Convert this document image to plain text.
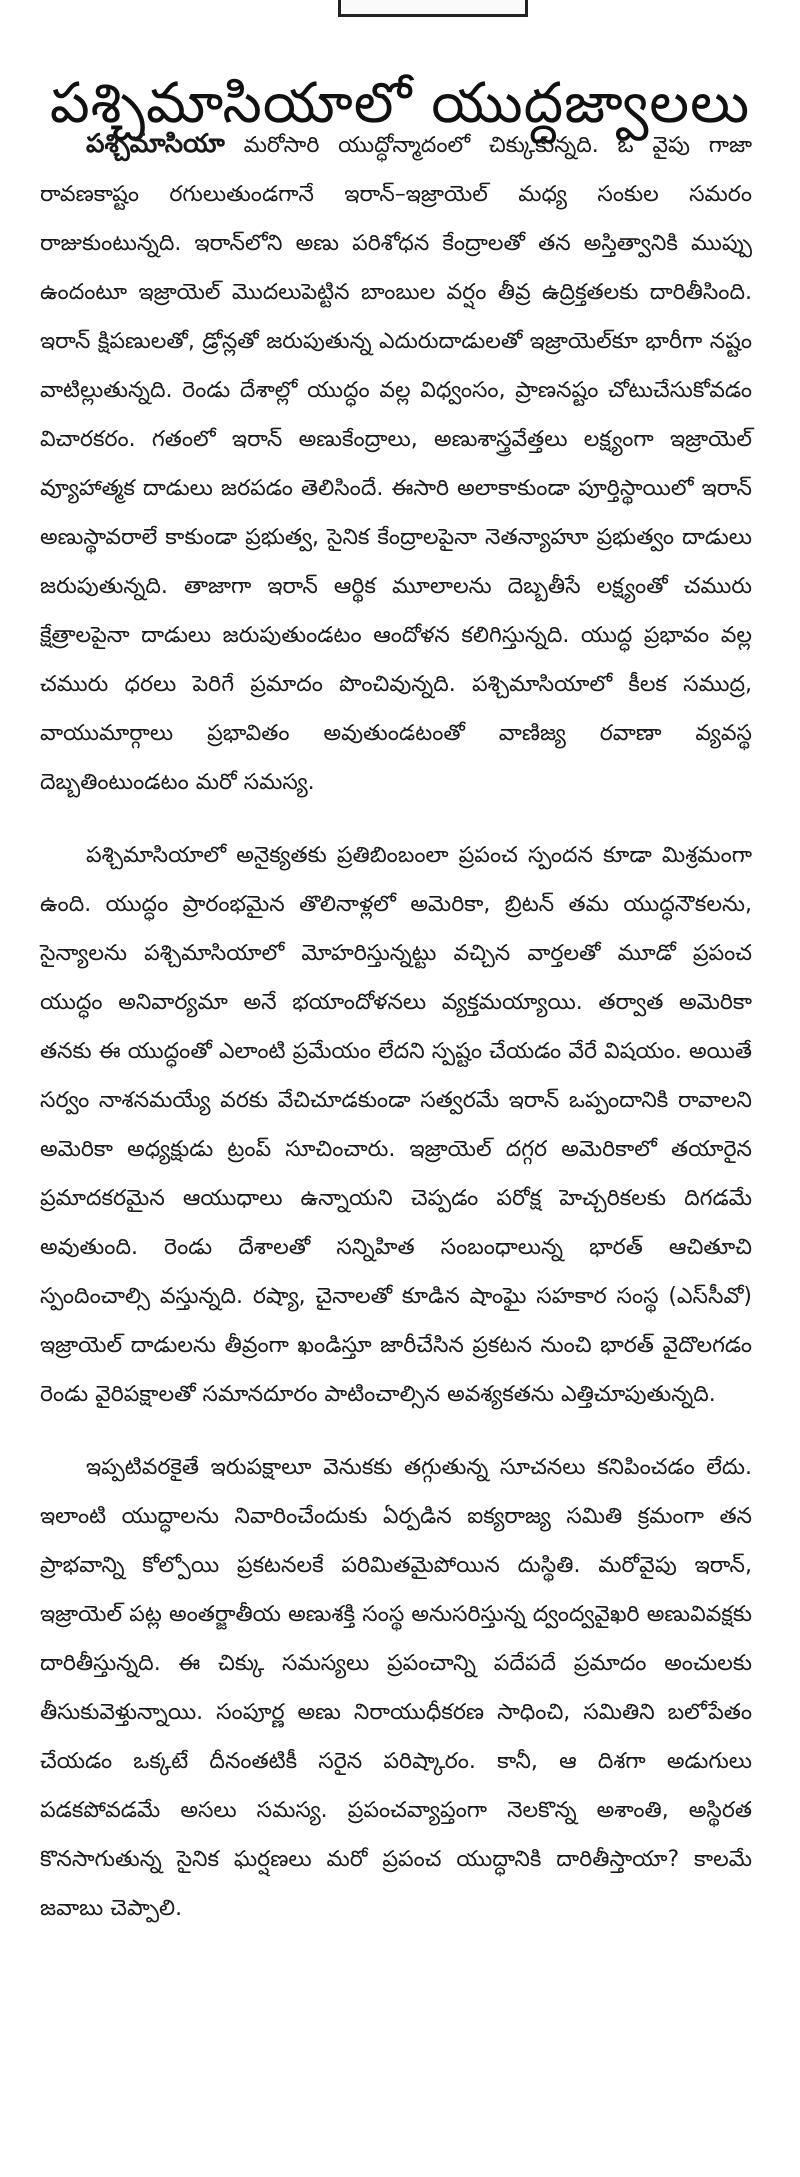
పశ్చిమాసియాలో యుద్ధజ్వాలలు

పశ్చిమాసియా మరోసారి యుద్ధోన్మాదంలో చిక్కుకున్నది. ఓ వైపు గాజా రావణకాష్టం రగులుతుండగానే ఇరాన్‌–ఇజ్రాయెల్‌ మధ్య సంకుల సమరం రాజుకుంటున్నది. ఇరాన్‌లోని అణు పరిశోధన కేంద్రాలతో తన అస్తిత్వానికి ముప్పు ఉందంటూ ఇజ్రాయెల్‌ మొదలుపెట్టిన బాంబుల వర్షం తీవ్ర ఉద్రిక్తతలకు దారితీసింది. ఇరాన్‌ క్షిపణులతో, డ్రోన్లతో జరుపుతున్న ఎదురుదాడులతో ఇజ్రాయెల్‌కూ భారీగా నష్టం వాటిల్లుతున్నది. రెండు దేశాల్లో యుద్ధం వల్ల విధ్వంసం, ప్రాణనష్టం చోటుచేసుకోవడం విచారకరం. గతంలో ఇరాన్‌ అణుకేంద్రాలు, అణుశాస్త్రవేత్తలు లక్ష్యంగా ఇజ్రాయెల్‌ వ్యూహాత్మక దాడులు జరపడం తెలిసిందే. ఈసారి అలాకాకుండా పూర్తిస్థాయిలో ఇరాన్‌ అణుస్థావరాలే కాకుండా ప్రభుత్వ, సైనిక కేంద్రాలపైనా నెతన్యాహూ ప్రభుత్వం దాడులు జరుపుతున్నది. తాజాగా ఇరాన్‌ ఆర్థిక మూలాలను దెబ్బతీసే లక్ష్యంతో చమురు క్షేత్రాలపైనా దాడులు జరుపుతుండటం ఆందోళన కలిగిస్తున్నది. యుద్ధ ప్రభావం వల్ల చమురు ధరలు పెరిగే ప్రమాదం పొంచివున్నది. పశ్చిమాసియాలో కీలక సముద్ర, వాయుమార్గాలు ప్రభావితం అవుతుండటంతో వాణిజ్య రవాణా వ్యవస్థ దెబ్బతింటుండటం మరో సమస్య.

పశ్చిమాసియాలో అనైక్యతకు ప్రతిబింబంలా ప్రపంచ స్పందన కూడా మిశ్రమంగా ఉంది. యుద్ధం ప్రారంభమైన తొలినాళ్లలో అమెరికా, బ్రిటన్‌ తమ యుద్ధనౌకలను, సైన్యాలను పశ్చిమాసియాలో మోహరిస్తున్నట్టు వచ్చిన వార్తలతో మూడో ప్రపంచ యుద్ధం అనివార్యమా అనే భయాందోళనలు వ్యక్తమయ్యాయి. తర్వాత అమెరికా తనకు ఈ యుద్ధంతో ఎలాంటి ప్రమేయం లేదని స్పష్టం చేయడం వేరే విషయం. అయితే సర్వం నాశనమయ్యే వరకు వేచిచూడకుండా సత్వరమే ఇరాన్‌ ఒప్పందానికి రావాలని అమెరికా అధ్యక్షుడు ట్రంప్‌ సూచించారు. ఇజ్రాయెల్‌ దగ్గర అమెరికాలో తయారైన ప్రమాదకరమైన ఆయుధాలు ఉన్నాయని చెప్పడం పరోక్ష హెచ్చరికలకు దిగడమే అవుతుంది. రెండు దేశాలతో సన్నిహిత సంబంధాలున్న భారత్‌ ఆచితూచి స్పందించాల్సి వస్తున్నది. రష్యా, చైనాలతో కూడిన షాంఘై సహకార సంస్థ (ఎస్‌సీవో) ఇజ్రాయెల్‌ దాడులను తీవ్రంగా ఖండిస్తూ జారీచేసిన ప్రకటన నుంచి భారత్‌ వైదొలగడం రెండు వైరిపక్షాలతో సమానదూరం పాటించాల్సిన అవశ్యకతను ఎత్తిచూపుతున్నది.

ఇప్పటివరకైతే ఇరుపక్షాలూ వెనుకకు తగ్గుతున్న సూచనలు కనిపించడం లేదు. ఇలాంటి యుద్ధాలను నివారించేందుకు ఏర్పడిన ఐక్యరాజ్య సమితి క్రమంగా తన ప్రాభవాన్ని కోల్పోయి ప్రకటనలకే పరిమితమైపోయిన దుస్థితి. మరోవైపు ఇరాన్‌, ఇజ్రాయెల్‌ పట్ల అంతర్జాతీయ అణుశక్తి సంస్థ అనుసరిస్తున్న ద్వంద్వవైఖరి అణువివక్షకు దారితీస్తున్నది. ఈ చిక్కు సమస్యలు ప్రపంచాన్ని పదేపదే ప్రమాదం అంచులకు తీసుకువెళ్తున్నాయి. సంపూర్ణ అణు నిరాయుధీకరణ సాధించి, సమితిని బలోపేతం చేయడం ఒక్కటే దీనంతటికీ సరైన పరిష్కారం. కానీ, ఆ దిశగా అడుగులు పడకపోవడమే అసలు సమస్య. ప్రపంచవ్యాప్తంగా నెలకొన్న అశాంతి, అస్థిరత కొనసాగుతున్న సైనిక ఘర్షణలు మరో ప్రపంచ యుద్ధానికి దారితీస్తాయా? కాలమే జవాబు చెప్పాలి.
